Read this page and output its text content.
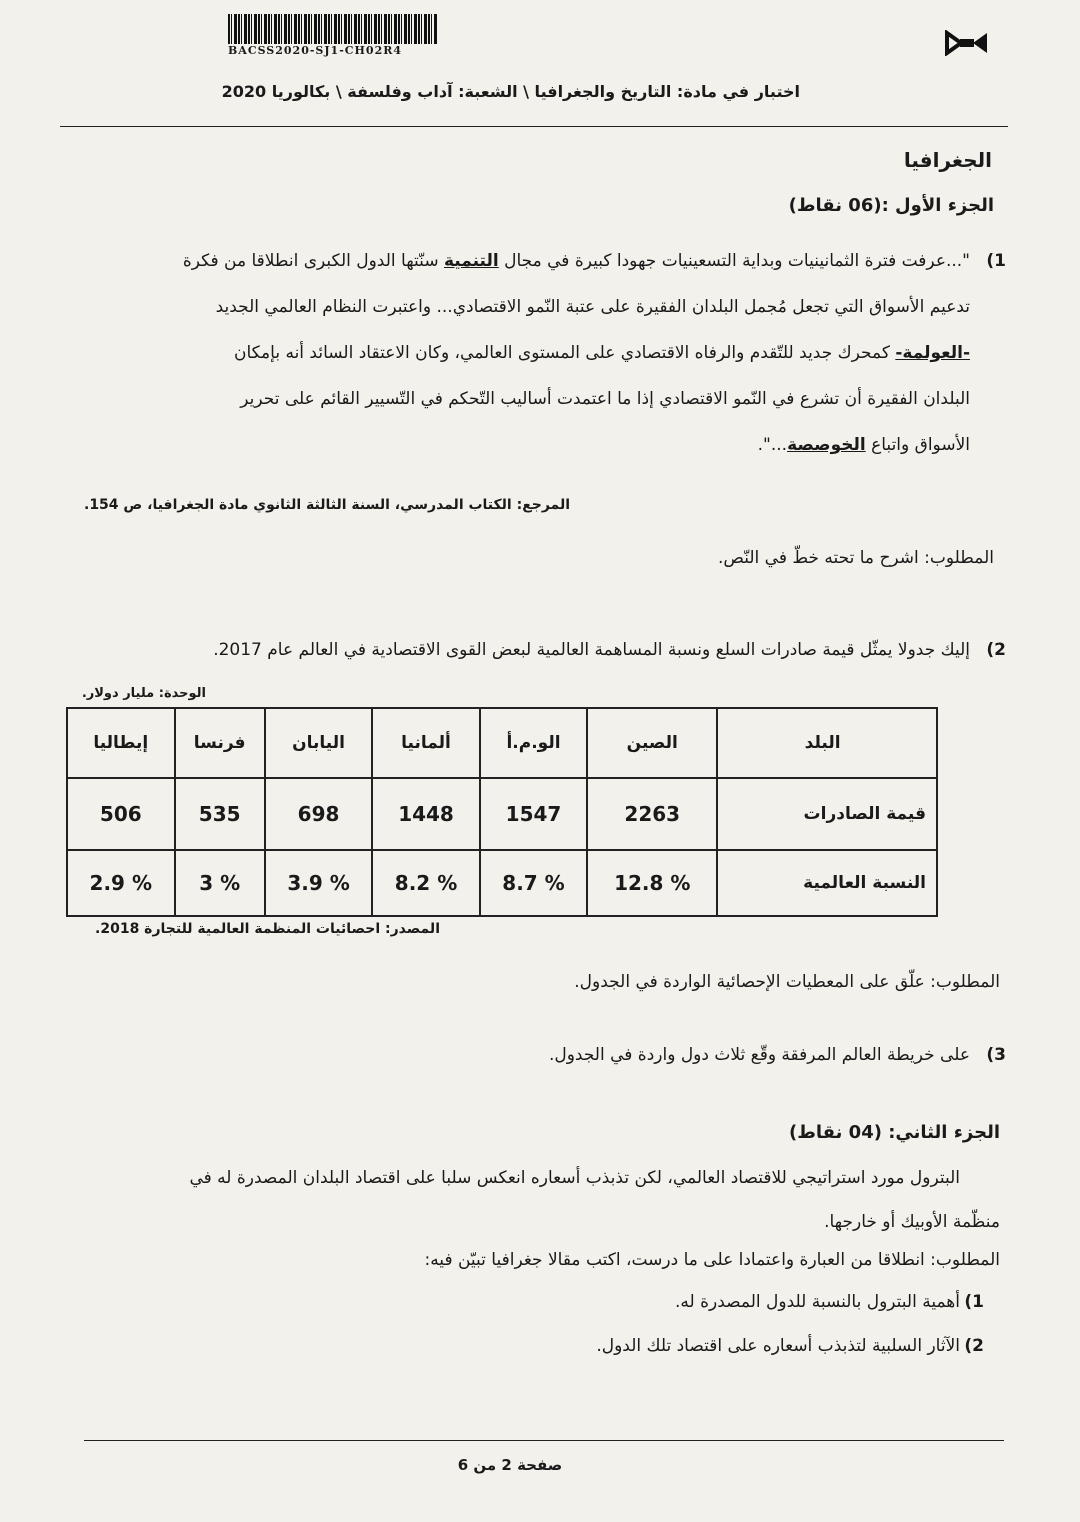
BACSS2020-SJ1-CH02R4
اختبار في مادة: التاريخ والجغرافيا \ الشعبة: آداب وفلسفة \ بكالوريا 2020
الجغرافيا
الجزء الأول :(06 نقاط)
1)
"...عرفت فترة الثمانينيات وبداية التسعينيات جهودا كبيرة في مجال التنمية سنّتها الدول الكبرى انطلاقا من فكرة
تدعيم الأسواق التي تجعل مُجمل البلدان الفقيرة على عتبة النّمو الاقتصادي... واعتبرت النظام العالمي الجديد
-العولمة- كمحرك جديد للتّقدم والرفاه الاقتصادي على المستوى العالمي، وكان الاعتقاد السائد أنه بإمكان
البلدان الفقيرة أن تشرع في النّمو الاقتصادي إذا ما اعتمدت أساليب التّحكم في التّسيير القائم على تحرير
الأسواق واتباع الخوصصة...".
المرجع: الكتاب المدرسي، السنة الثالثة الثانوي مادة الجغرافيا، ص 154.
المطلوب: اشرح ما تحته خطّ في النّص.
2)
إليك جدولا يمثّل قيمة صادرات السلع ونسبة المساهمة العالمية لبعض القوى الاقتصادية في العالم عام 2017.
الوحدة: مليار دولار.
البلد	الصين	الو.م.أ	ألمانيا	اليابان	فرنسا	إيطاليا
قيمة الصادرات	2263	1547	1448	698	535	506
النسبة العالمية	% 12.8	% 8.7	% 8.2	% 3.9	% 3	% 2.9
المصدر: احصائيات المنظمة العالمية للتجارة 2018.
المطلوب: علّق على المعطيات الإحصائية الواردة في الجدول.
3)
على خريطة العالم المرفقة وقّع ثلاث دول واردة في الجدول.
الجزء الثاني: (04 نقاط)
البترول مورد استراتيجي للاقتصاد العالمي، لكن تذبذب أسعاره انعكس سلبا على اقتصاد البلدان المصدرة له في
منظّمة الأوبيك أو خارجها.
المطلوب: انطلاقا من العبارة واعتمادا على ما درست، اكتب مقالا جغرافيا تبيّن فيه:
1)
أهمية البترول بالنسبة للدول المصدرة له.
2)
الآثار السلبية لتذبذب أسعاره على اقتصاد تلك الدول.
صفحة 2 من 6
